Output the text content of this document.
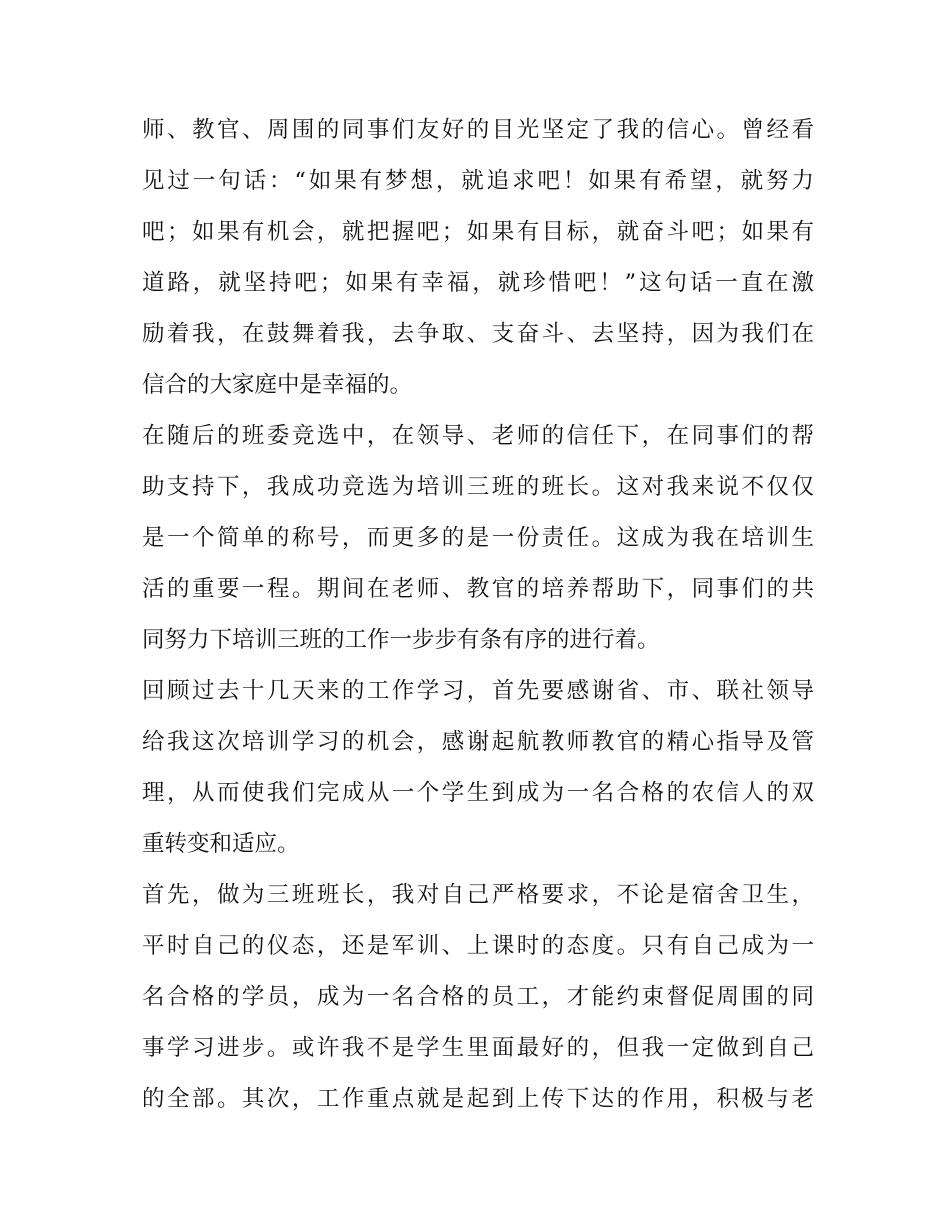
师、教官、周围的同事们友好的目光坚定了我的信心。曾经看
见过一句话：“如果有梦想，就追求吧！如果有希望，就努力
吧；如果有机会，就把握吧；如果有目标，就奋斗吧；如果有
道路，就坚持吧；如果有幸福，就珍惜吧！”这句话一直在激
励着我，在鼓舞着我，去争取、支奋斗、去坚持，因为我们在
信合的大家庭中是幸福的。
在随后的班委竞选中，在领导、老师的信任下，在同事们的帮
助支持下，我成功竞选为培训三班的班长。这对我来说不仅仅
是一个简单的称号，而更多的是一份责任。这成为我在培训生
活的重要一程。期间在老师、教官的培养帮助下，同事们的共
同努力下培训三班的工作一步步有条有序的进行着。
回顾过去十几天来的工作学习，首先要感谢省、市、联社领导
给我这次培训学习的机会，感谢起航教师教官的精心指导及管
理，从而使我们完成从一个学生到成为一名合格的农信人的双
重转变和适应。
首先，做为三班班长，我对自己严格要求，不论是宿舍卫生，
平时自己的仪态，还是军训、上课时的态度。只有自己成为一
名合格的学员，成为一名合格的员工，才能约束督促周围的同
事学习进步。或许我不是学生里面最好的，但我一定做到自己
的全部。其次，工作重点就是起到上传下达的作用，积极与老
